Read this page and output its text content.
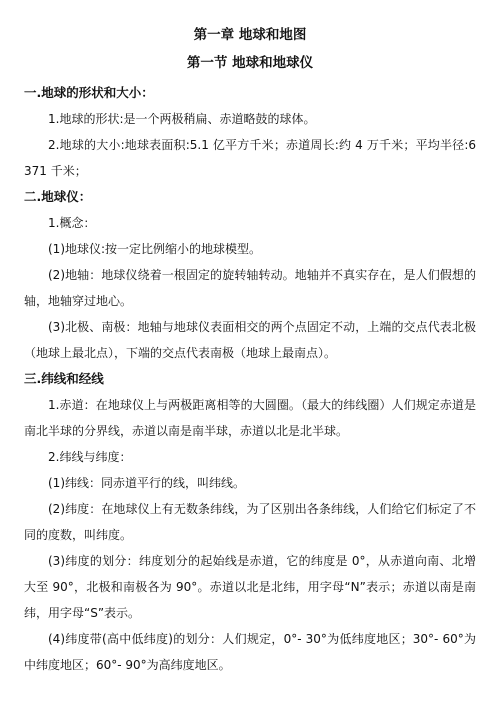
第一章 地球和地图
第一节 地球和地球仪
一.地球的形状和大小：

1.地球的形状:是一个两极稍扁、赤道略鼓的球体。

2.地球的大小:地球表面积:5.1 亿平方千米；赤道周长:约 4 万千米；平均半径:6371 千米；

二.地球仪：

1.概念：

(1)地球仪:按一定比例缩小的地球模型。

(2)地轴：地球仪绕着一根固定的旋转轴转动。地轴并不真实存在，是人们假想的轴，地轴穿过地心。

(3)北极、南极：地轴与地球仪表面相交的两个点固定不动，上端的交点代表北极（地球上最北点），下端的交点代表南极（地球上最南点）。

三.纬线和经线

1.赤道：在地球仪上与两极距离相等的大圆圈。（最大的纬线圈）人们规定赤道是南北半球的分界线，赤道以南是南半球，赤道以北是北半球。

2.纬线与纬度：

(1)纬线：同赤道平行的线，叫纬线。

(2)纬度：在地球仪上有无数条纬线，为了区别出各条纬线，人们给它们标定了不同的度数，叫纬度。

(3)纬度的划分：纬度划分的起始线是赤道，它的纬度是 0°，从赤道向南、北增大至 90°，北极和南极各为 90°。赤道以北是北纬，用字母“N”表示；赤道以南是南纬，用字母“S”表示。

(4)纬度带(高中低纬度)的划分：人们规定，0°- 30°为低纬度地区；30°- 60°为中纬度地区；60°- 90°为高纬度地区。
